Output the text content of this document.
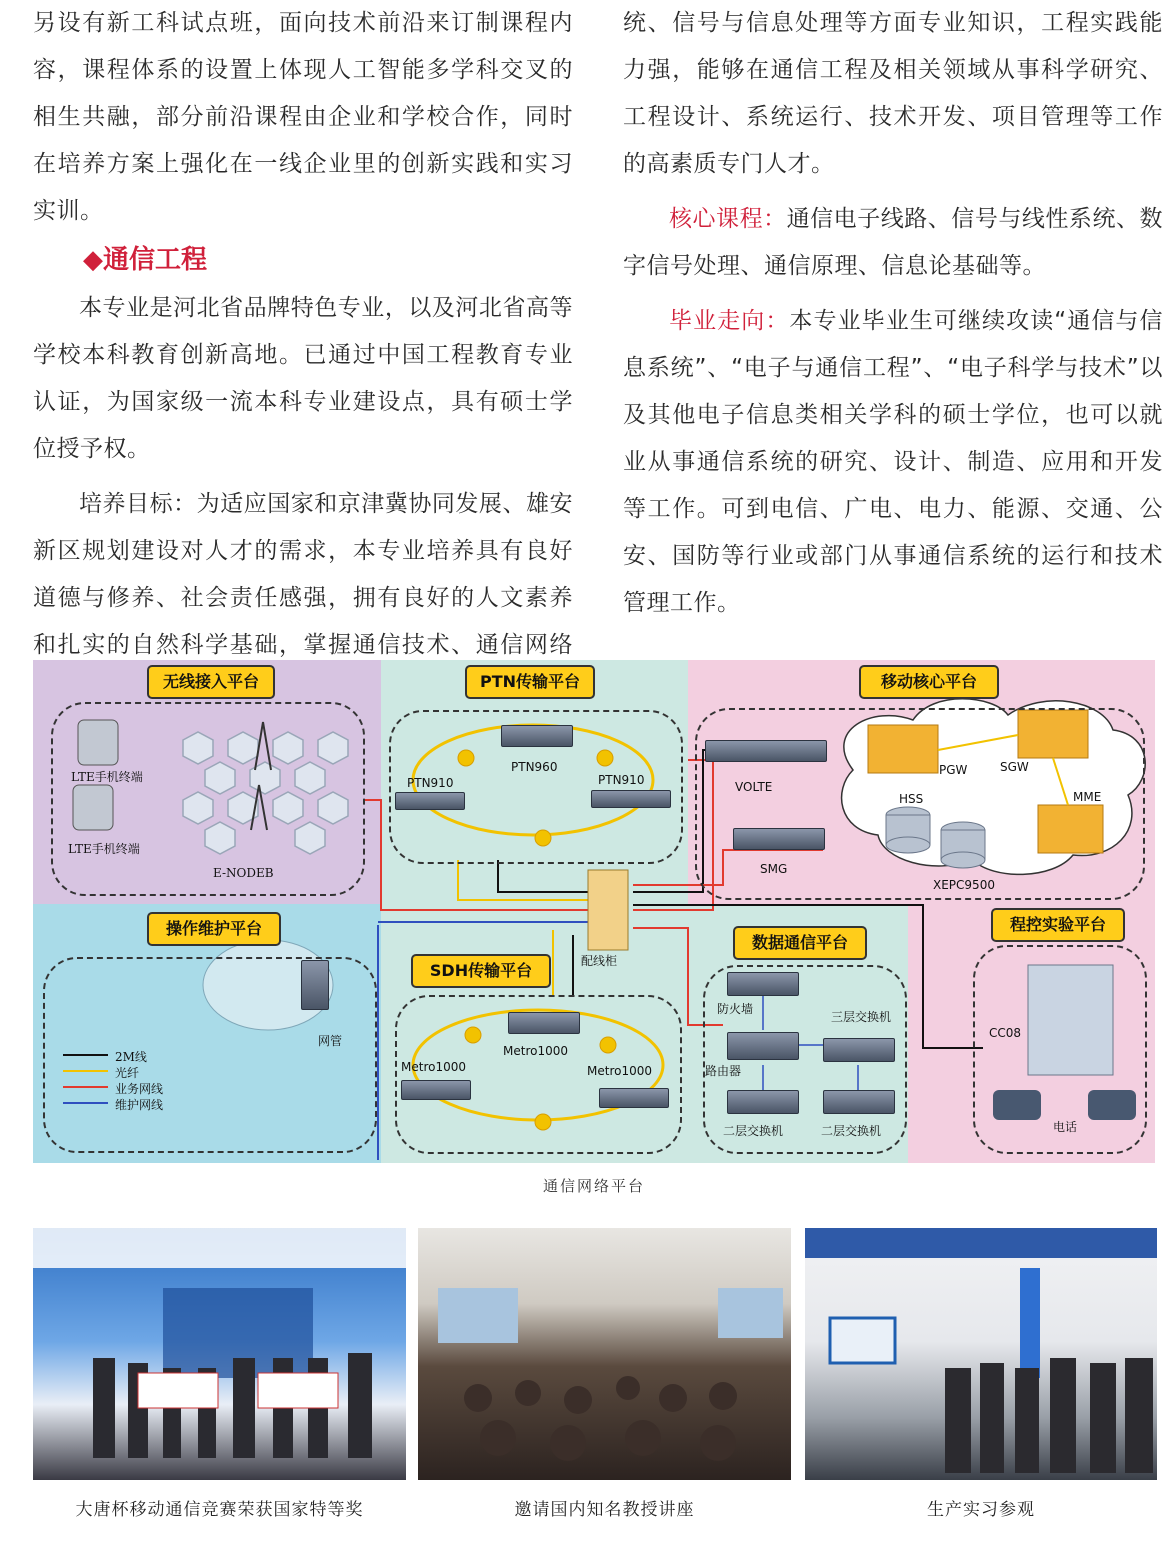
另设有新工科试点班，面向技术前沿来订制课程内容，课程体系的设置上体现人工智能多学科交叉的相生共融，部分前沿课程由企业和学校合作，同时在培养方案上强化在一线企业里的创新实践和实习实训。

◆通信工程

本专业是河北省品牌特色专业，以及河北省高等学校本科教育创新高地。已通过中国工程教育专业认证，为国家级一流本科专业建设点，具有硕士学位授予权。

培养目标：为适应国家和京津冀协同发展、雄安新区规划建设对人才的需求，本专业培养具有良好道德与修养、社会责任感强，拥有良好的人文素养和扎实的自然科学基础，掌握通信技术、通信网络

统、信号与信息处理等方面专业知识，工程实践能力强，能够在通信工程及相关领域从事科学研究、工程设计、系统运行、技术开发、项目管理等工作的高素质专门人才。

核心课程：通信电子线路、信号与线性系统、数字信号处理、通信原理、信息论基础等。

毕业走向：本专业毕业生可继续攻读“通信与信息系统”、“电子与通信工程”、“电子科学与技术”以及其他电子信息类相关学科的硕士学位，也可以就业从事通信系统的研究、设计、制造、应用和开发等工作。可到电信、广电、电力、能源、交通、公安、国防等行业或部门从事通信系统的运行和技术管理工作。

无线接入平台	PTN传输平台	移动核心平台
操作维护平台
SDH传输平台
数据通信平台
程控实验平台
LTE手机终端
LTE手机终端
E-NODEB
PTN910
PTN960
PTN910	VOLTE
SMG
PGW	SGW
HSS	MME
XEPC9500
配线柜
网管
Metro1000
Metro1000	Metro1000
防火墙
三层交换机
路由器
二层交换机	二层交换机
CC08
电话
2M线
光纤
业务网线
维护网线
通信网络平台
大唐杯移动通信竞赛荣获国家特等奖	邀请国内知名教授讲座	生产实习参观
